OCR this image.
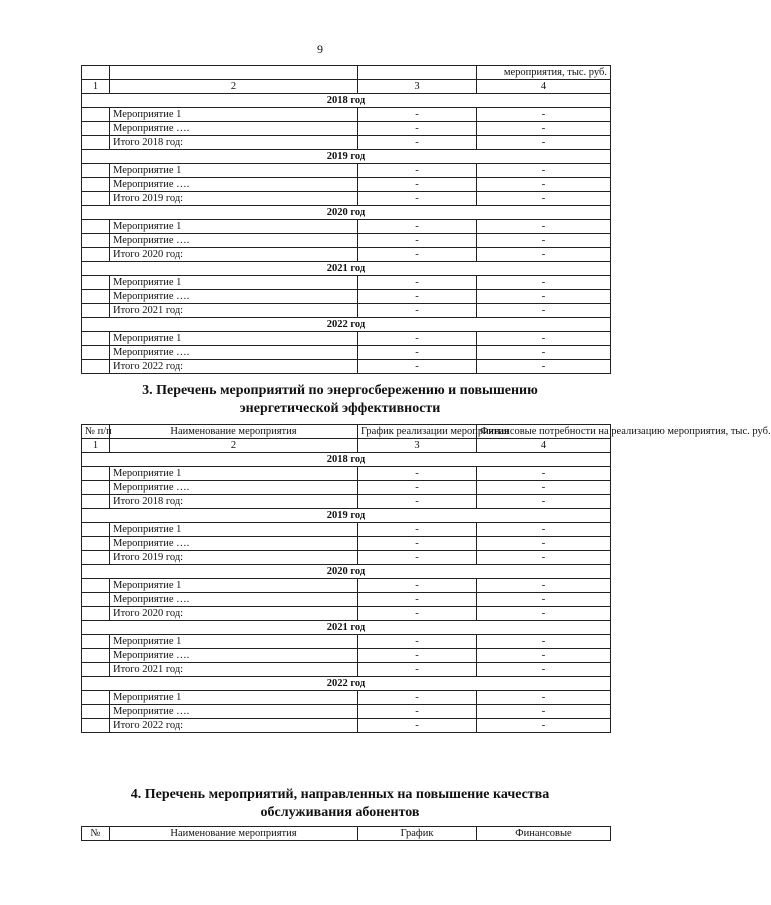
9
			мероприятия, тыс. руб.
1	2	3	4
2018 год			
	Мероприятие 1	-	-
	Мероприятие ….	-	-
	Итого 2018 год:	-	-
2019 год			
	Мероприятие 1	-	-
	Мероприятие ….	-	-
	Итого 2019 год:	-	-
2020 год			
	Мероприятие 1	-	-
	Мероприятие ….	-	-
	Итого 2020 год:	-	-
2021 год			
	Мероприятие 1	-	-
	Мероприятие ….	-	-
	Итого 2021 год:	-	-
2022 год			
	Мероприятие 1	-	-
	Мероприятие ….	-	-
	Итого 2022 год:	-	-
3. Перечень мероприятий по энергосбережению и повышению
энергетической эффективности
№ п/п	Наименование мероприятия	График реализации мероприятия	Финансовые потребности на реализацию мероприятия, тыс. руб.
1	2	3	4
2018 год			
	Мероприятие 1	-	-
	Мероприятие ….	-	-
	Итого 2018 год:	-	-
2019 год			
	Мероприятие 1	-	-
	Мероприятие ….	-	-
	Итого 2019 год:	-	-
2020 год			
	Мероприятие 1	-	-
	Мероприятие ….	-	-
	Итого 2020 год:	-	-
2021 год			
	Мероприятие 1	-	-
	Мероприятие ….	-	-
	Итого 2021 год:	-	-
2022 год			
	Мероприятие 1	-	-
	Мероприятие ….	-	-
	Итого 2022 год:	-	-
4. Перечень мероприятий, направленных на повышение качества
обслуживания абонентов
№	Наименование мероприятия	График	Финансовые
